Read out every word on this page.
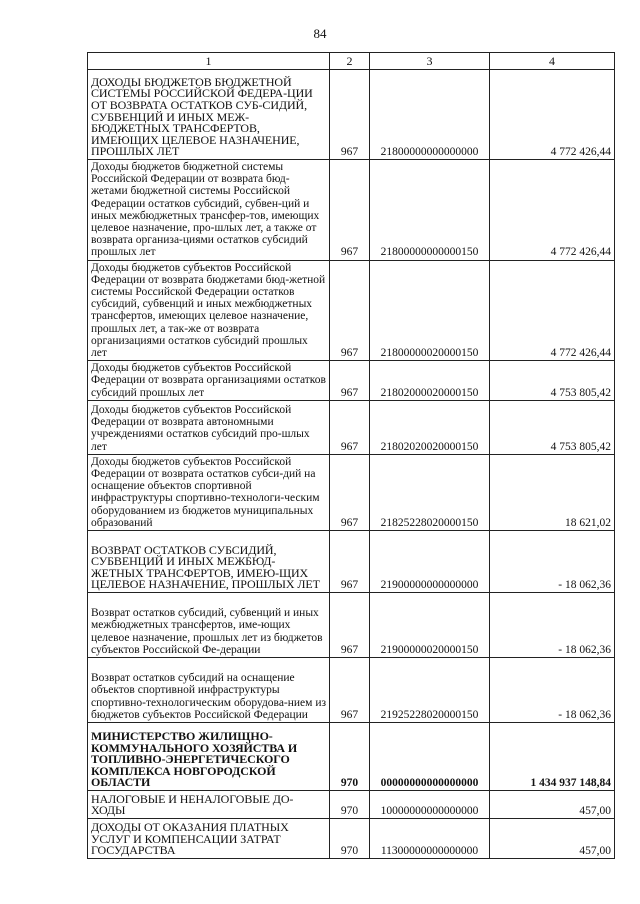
84
1	2	3	4
ДОХОДЫ БЮДЖЕТОВ БЮДЖЕТНОЙ СИСТЕМЫ РОССИЙСКОЙ ФЕДЕРА-ЦИИ ОТ ВОЗВРАТА ОСТАТКОВ СУБ-СИДИЙ, СУБВЕНЦИЙ И ИНЫХ МЕЖ-БЮДЖЕТНЫХ ТРАНСФЕРТОВ, ИМЕЮЩИХ ЦЕЛЕВОЕ НАЗНАЧЕНИЕ, ПРОШЛЫХ ЛЕТ	967	21800000000000000	4 772 426,44
Доходы бюджетов бюджетной системы Российской Федерации от возврата бюд-жетами бюджетной системы Российской Федерации остатков субсидий, субвен-ций и иных межбюджетных трансфер-тов, имеющих целевое назначение, про-шлых лет, а также от возврата организа-циями остатков субсидий прошлых лет	967	21800000000000150	4 772 426,44
Доходы бюджетов субъектов Российской Федерации от возврата бюджетами бюд-жетной системы Российской Федерации остатков субсидий, субвенций и иных межбюджетных трансфертов, имеющих целевое назначение, прошлых лет, а так-же от возврата организациями остатков субсидий прошлых лет	967	21800000020000150	4 772 426,44
Доходы бюджетов субъектов Российской Федерации от возврата организациями остатков субсидий прошлых лет	967	21802000020000150	4 753 805,42
Доходы бюджетов субъектов Российской Федерации от возврата автономными учреждениями остатков субсидий про-шлых лет	967	21802020020000150	4 753 805,42
Доходы бюджетов субъектов Российской Федерации от возврата остатков субси-дий на оснащение объектов спортивной инфраструктуры спортивно-технологи-ческим оборудованием из бюджетов муниципальных образований	967	21825228020000150	18 621,02
ВОЗВРАТ ОСТАТКОВ СУБСИДИЙ, СУБВЕНЦИЙ И ИНЫХ МЕЖБЮД-ЖЕТНЫХ ТРАНСФЕРТОВ, ИМЕЮ-ЩИХ ЦЕЛЕВОЕ НАЗНАЧЕНИЕ, ПРОШЛЫХ ЛЕТ	967	21900000000000000	- 18 062,36
Возврат остатков субсидий, субвенций и иных межбюджетных трансфертов, име-ющих целевое назначение, прошлых лет из бюджетов субъектов Российской Фе-дерации	967	21900000020000150	- 18 062,36
Возврат остатков субсидий на оснащение объектов спортивной инфраструктуры спортивно-технологическим оборудова-нием из бюджетов субъектов Российской Федерации	967	21925228020000150	- 18 062,36
МИНИСТЕРСТВО ЖИЛИЩНО-КОММУНАЛЬНОГО ХОЗЯЙСТВА И ТОПЛИВНО-ЭНЕРГЕТИЧЕСКОГО КОМПЛЕКСА НОВГОРОДСКОЙ ОБЛАСТИ	970	00000000000000000	1 434 937 148,84
НАЛОГОВЫЕ И НЕНАЛОГОВЫЕ ДО-ХОДЫ	970	10000000000000000	457,00
ДОХОДЫ ОТ ОКАЗАНИЯ ПЛАТНЫХ УСЛУГ И КОМПЕНСАЦИИ ЗАТРАТ ГОСУДАРСТВА	970	11300000000000000	457,00
